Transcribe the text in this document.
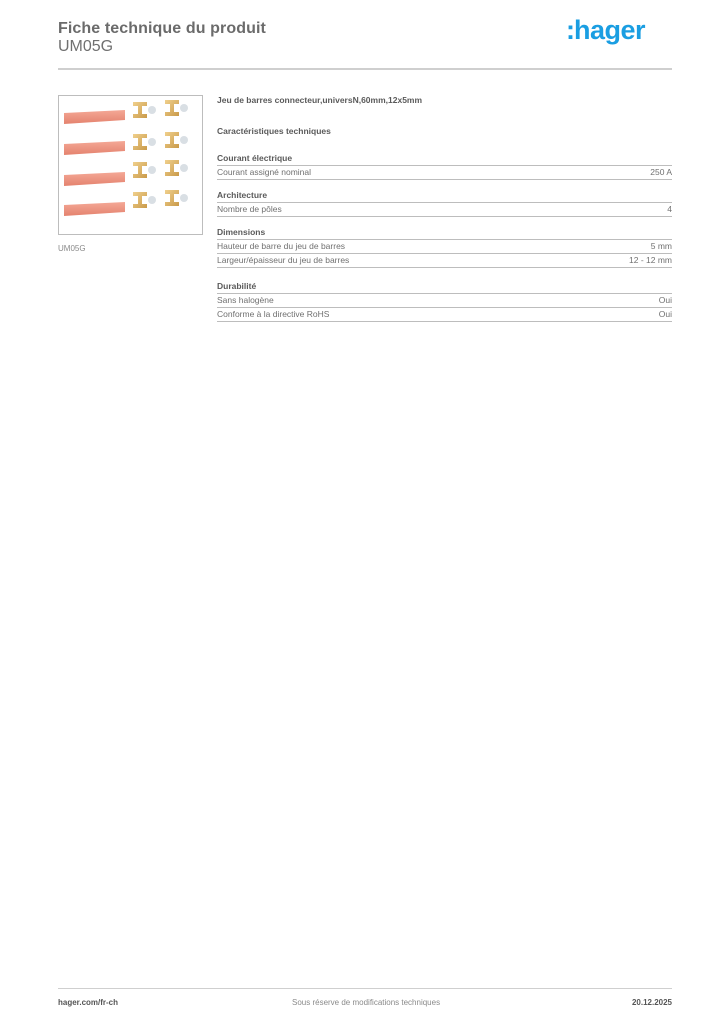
Fiche technique du produit
UM05G
:hager
UM05G
Jeu de barres connecteur,universN,60mm,12x5mm
Caractéristiques techniques
Courant électrique
Courant assigné nominal	250 A
Architecture
Nombre de pôles	4
Dimensions
Hauteur de barre du jeu de barres	5 mm
Largeur/épaisseur du jeu de barres	12 - 12 mm
Durabilité
Sans halogène	Oui
Conforme à la directive RoHS	Oui
hager.com/fr-ch	Sous réserve de modifications techniques	20.12.2025
